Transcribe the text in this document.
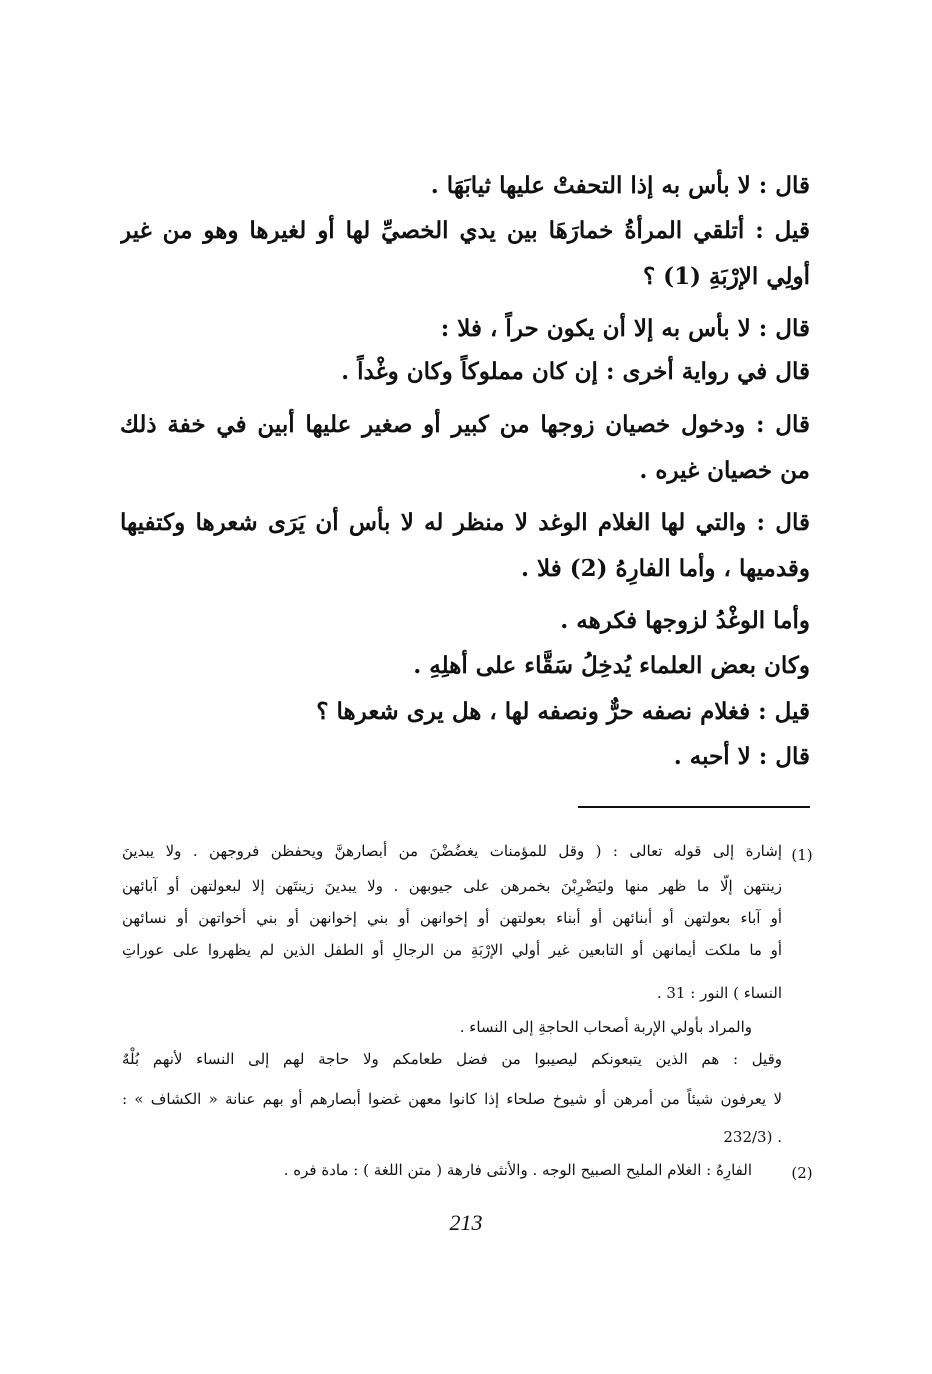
قال : لا بأس به إذا التحفتْ عليها ثيابَهَا .
قيل : أتلقي المرأةُ خمارَهَا بين يدي الخصيِّ لها أو لغيرها وهو من غير
أولِي الإرْبَةِ (1) ؟
قال : لا بأس به إلا أن يكون حراً ، فلا :
قال في رواية أخرى : إن كان مملوكاً وكان وغْداً .
قال : ودخول خصيان زوجها من كبير أو صغير عليها أبين في خفة ذلك
من خصيان غيره .
قال : والتي لها الغلام الوغد لا منظر له لا بأس أن يَرَى شعرها وكتفيها
وقدميها ، وأما الفارِهُ (2) فلا .
وأما الوغْدُ لزوجها فكرهه .
وكان بعض العلماء يُدخِلُ سَقَّاء على أهلِهِ .
قيل : فغلام نصفه حرٌّ ونصفه لها ، هل يرى شعرها ؟
قال : لا أحبه .
(1)
إشارة إلى قوله تعالى : ( وقل للمؤمنات يغضُضْنَ من أبصارهنَّ ويحفظن فروجهن . ولا يبدينَ
زينتهن إلّا ما ظهر منها وليَضْرِبْنَ بخمرهن على جيوبهن . ولا يبدينَ زينتَهن إلا لبعولتهن أو آبائهن
أو آباء بعولتهن أو أبنائهن أو أبناء بعولتهن أو إخوانهن أو بني إخوانهن أو بني أخواتهن أو نسائهن
أو ما ملكت أيمانهن أو التابعين غير أولي الإرْبَةِ من الرجالِ أو الطفل الذين لم يظهروا على عوراتِ
النساء ) النور : 31 .
والمراد بأولي الإربة أصحاب الحاجةِ إلى النساء .
وقيل : هم الذين يتبعونكم ليصيبوا من فضل طعامكم ولا حاجة لهم إلى النساء لأنهم بُلْهٌ
لا يعرفون شيئاً من أمرهن أو شيوخ صلحاء إذا كانوا معهن غضوا أبصارهم أو بهم عنانة « الكشاف » :
. (232/3
(2)
الفارِهُ : الغلام المليح الصبيح الوجه . والأنثى فارهة ( متن اللغة ) : مادة فره .
213
